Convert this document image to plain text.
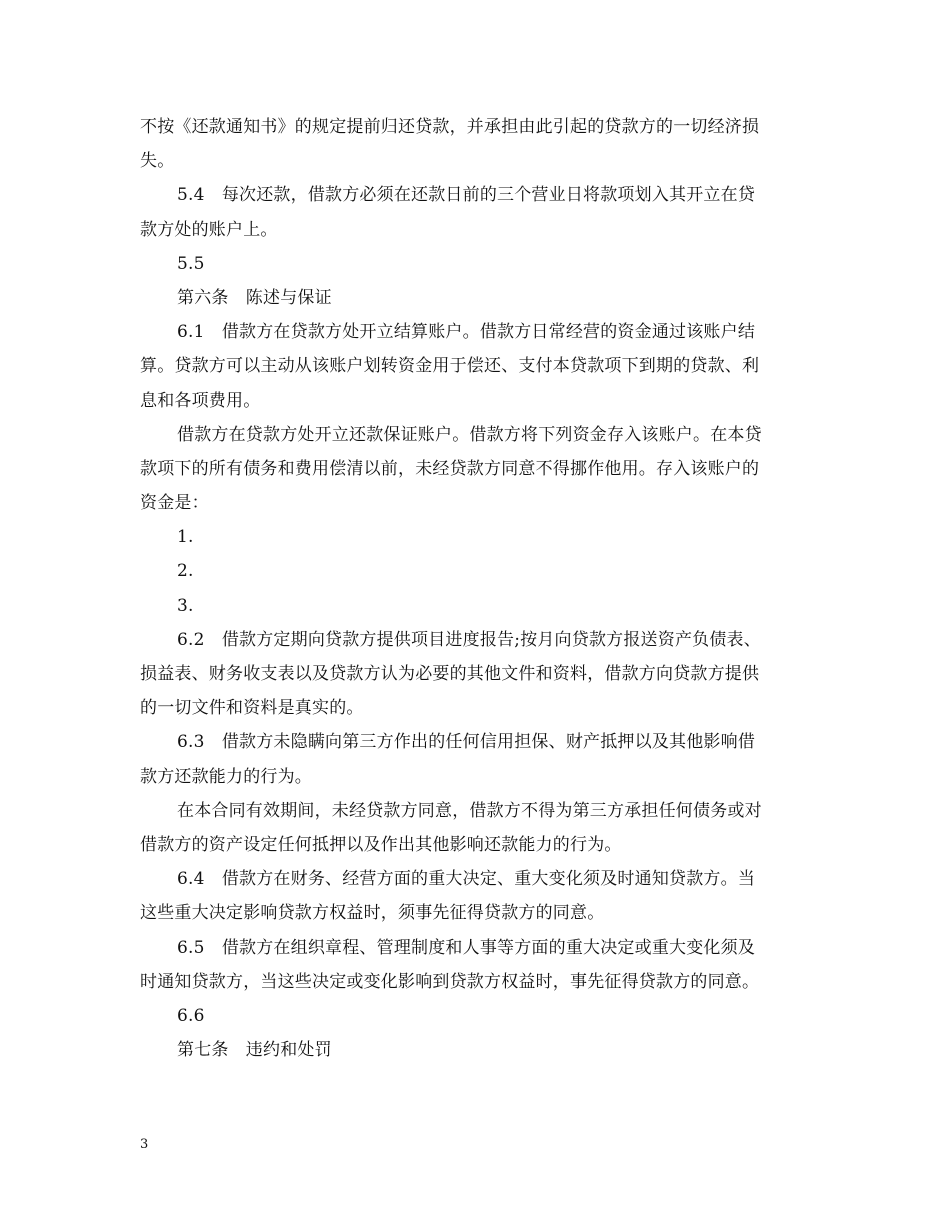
不按《还款通知书》的规定提前归还贷款，并承担由此引起的贷款方的一切经济损
失。
5.4　每次还款，借款方必须在还款日前的三个营业日将款项划入其开立在贷
款方处的账户上。
5.5
第六条　陈述与保证
6.1　借款方在贷款方处开立结算账户。借款方日常经营的资金通过该账户结
算。贷款方可以主动从该账户划转资金用于偿还、支付本贷款项下到期的贷款、利
息和各项费用。
借款方在贷款方处开立还款保证账户。借款方将下列资金存入该账户。在本贷
款项下的所有债务和费用偿清以前，未经贷款方同意不得挪作他用。存入该账户的
资金是：
1.
2.
3.
6.2　借款方定期向贷款方提供项目进度报告;按月向贷款方报送资产负债表、
损益表、财务收支表以及贷款方认为必要的其他文件和资料，借款方向贷款方提供
的一切文件和资料是真实的。
6.3　借款方未隐瞒向第三方作出的任何信用担保、财产抵押以及其他影响借
款方还款能力的行为。
在本合同有效期间，未经贷款方同意，借款方不得为第三方承担任何债务或对
借款方的资产设定任何抵押以及作出其他影响还款能力的行为。
6.4　借款方在财务、经营方面的重大决定、重大变化须及时通知贷款方。当
这些重大决定影响贷款方权益时，须事先征得贷款方的同意。
6.5　借款方在组织章程、管理制度和人事等方面的重大决定或重大变化须及
时通知贷款方，当这些决定或变化影响到贷款方权益时，事先征得贷款方的同意。
6.6
第七条　违约和处罚
3
